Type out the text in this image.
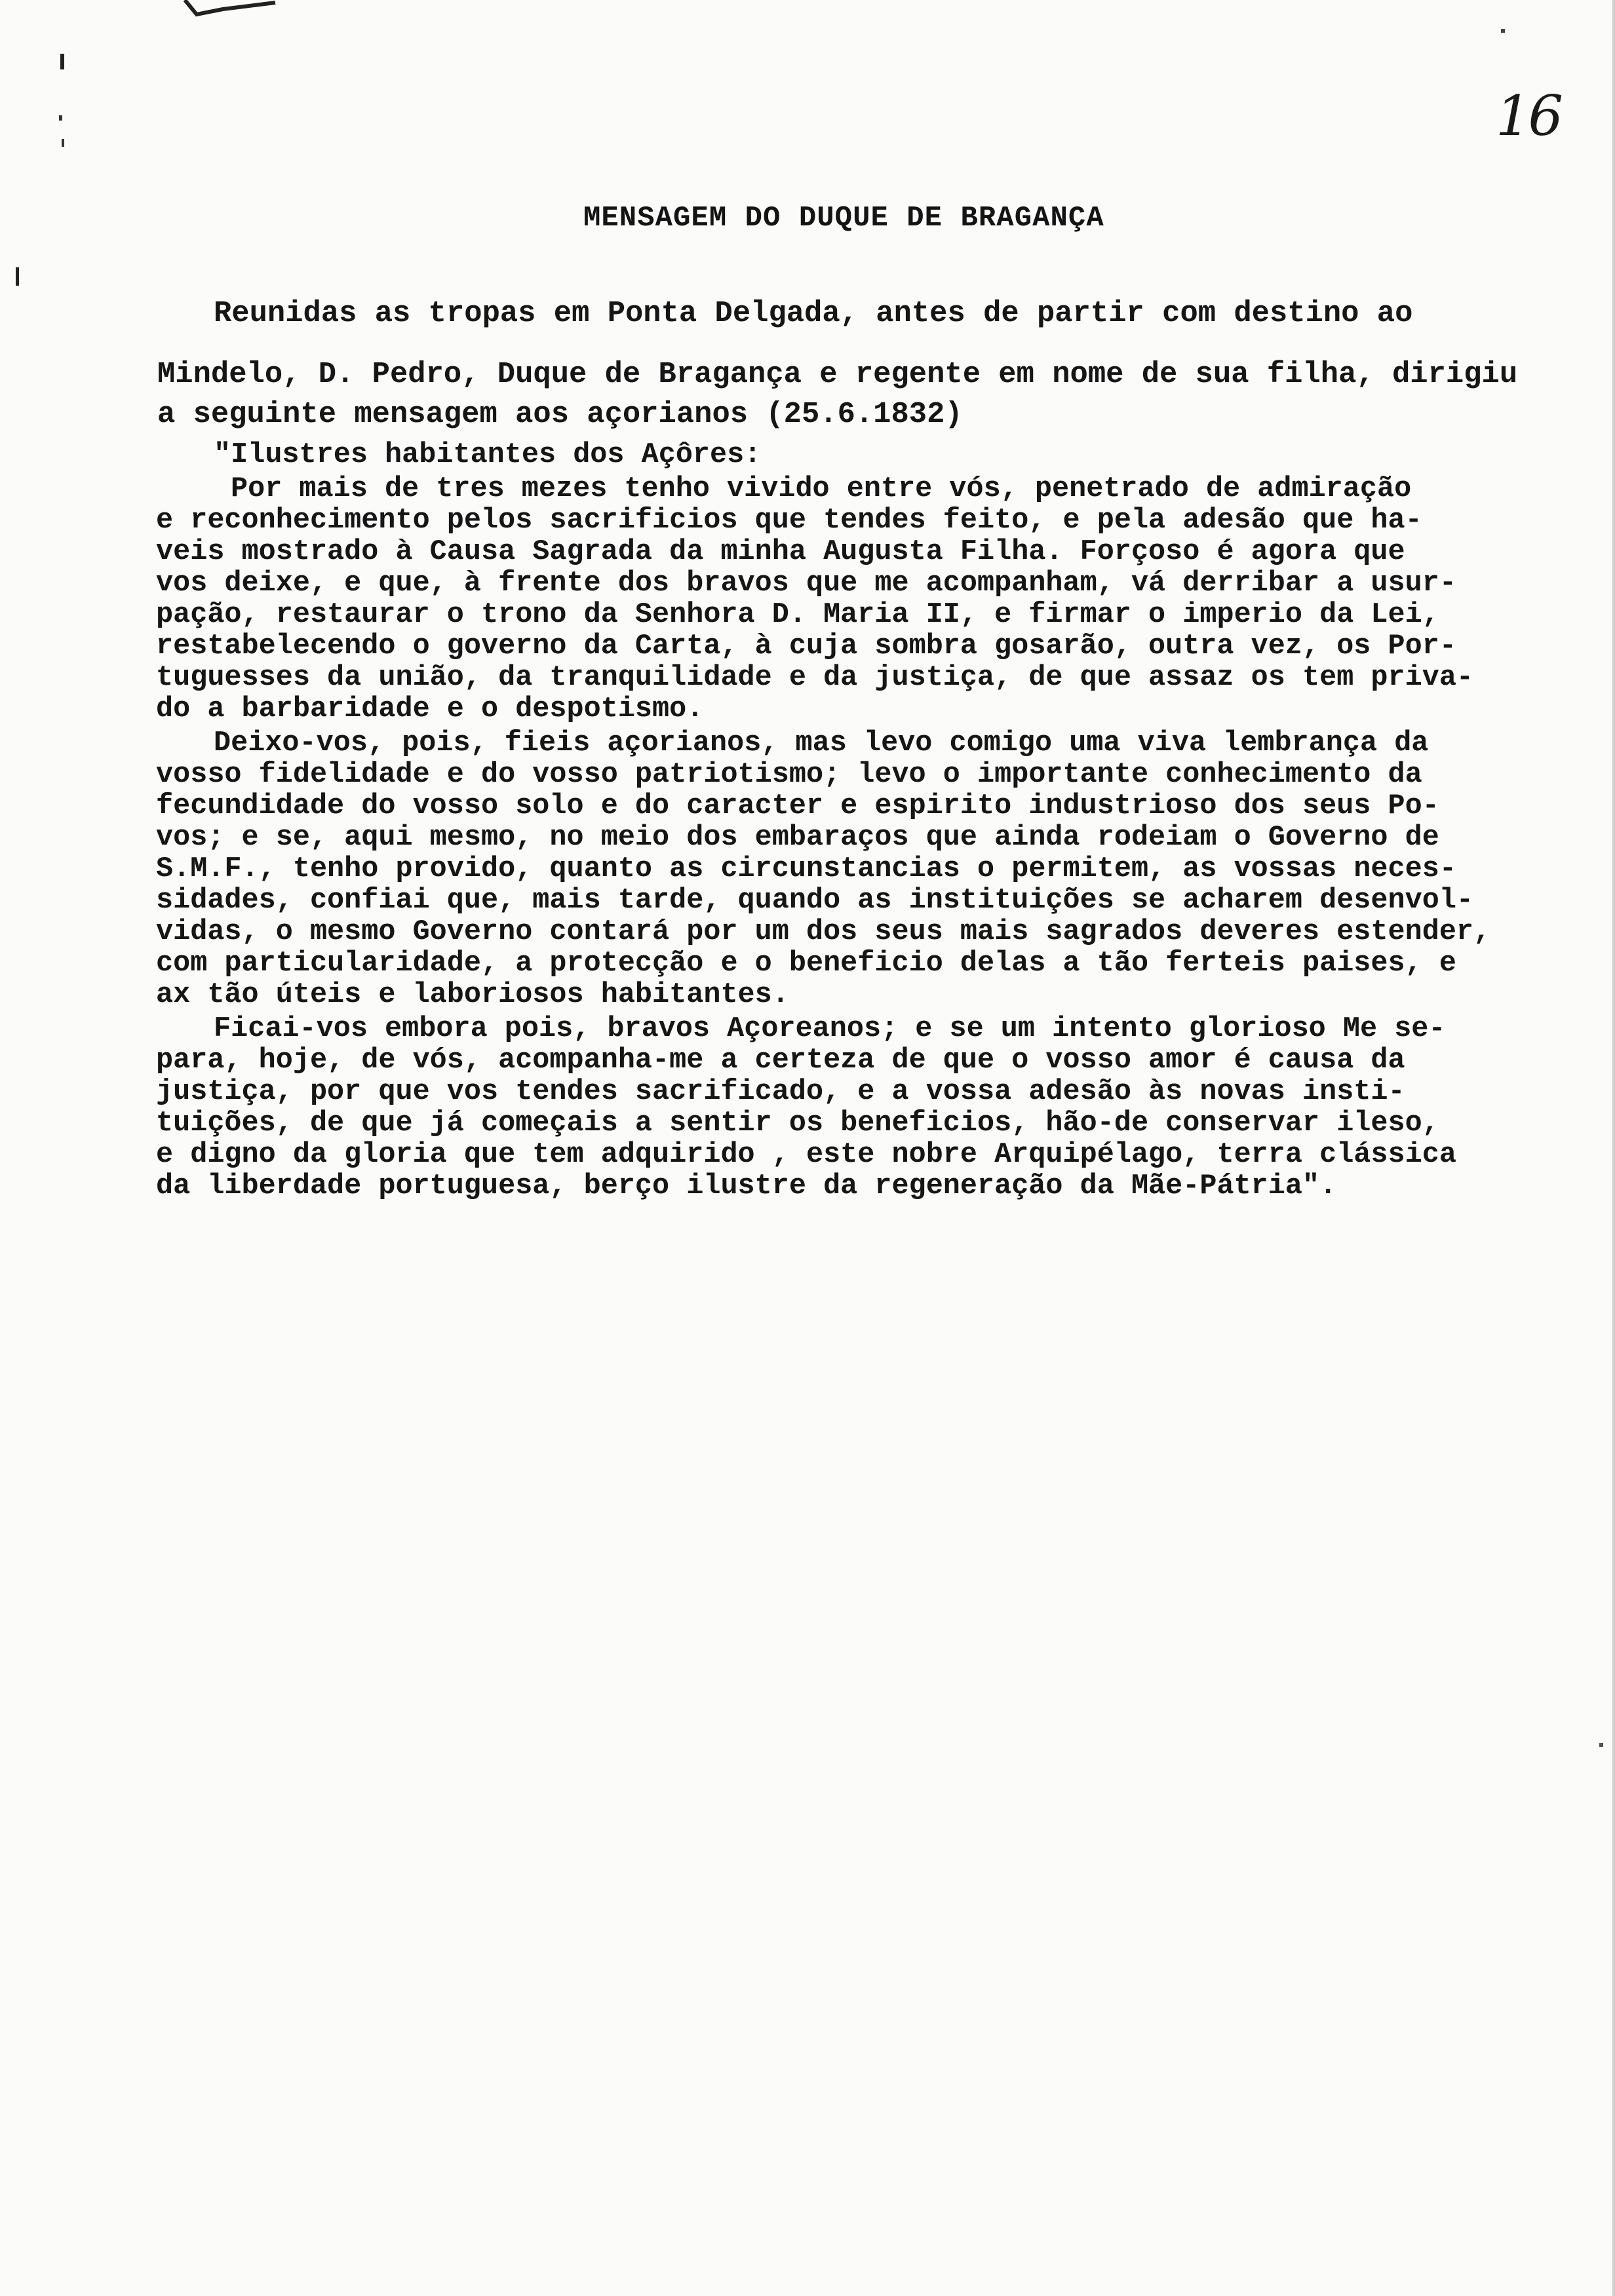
16
MENSAGEM DO DUQUE DE BRAGANÇA
Reunidas as tropas em Ponta Delgada, antes de partir com destino ao
Mindelo, D. Pedro, Duque de Bragança e regente em nome de sua filha, dirigiu
a seguinte mensagem aos açorianos (25.6.1832)
"Ilustres habitantes dos Açôres:
Por mais de tres mezes tenho vivido entre vós, penetrado de admiração
e reconhecimento pelos sacrificios que tendes feito, e pela adesão que ha-
veis mostrado à Causa Sagrada da minha Augusta Filha. Forçoso é agora que
vos deixe, e que, à frente dos bravos que me acompanham, vá derribar a usur-
pação, restaurar o trono da Senhora D. Maria II, e firmar o imperio da Lei,
restabelecendo o governo da Carta, à cuja sombra gosarão, outra vez, os Por-
tuguesses da união, da tranquilidade e da justiça, de que assaz os tem priva-
do a barbaridade e o despotismo.
Deixo-vos, pois, fieis açorianos, mas levo comigo uma viva lembrança da
vosso fidelidade e do vosso patriotismo; levo o importante conhecimento da
fecundidade do vosso solo e do caracter e espirito industrioso dos seus Po-
vos; e se, aqui mesmo, no meio dos embaraços que ainda rodeiam o Governo de
S.M.F., tenho provido, quanto as circunstancias o permitem, as vossas neces-
sidades, confiai que, mais tarde, quando as instituições se acharem desenvol-
vidas, o mesmo Governo contará por um dos seus mais sagrados deveres estender,
com particularidade, a protecção e o beneficio delas a tão ferteis paises, e
ax tão úteis e laboriosos habitantes.
Ficai-vos embora pois, bravos Açoreanos; e se um intento glorioso Me se-
para, hoje, de vós, acompanha-me a certeza de que o vosso amor é causa da
justiça, por que vos tendes sacrificado, e a vossa adesão às novas insti-
tuições, de que já começais a sentir os beneficios, hão-de conservar ileso,
e digno da gloria que tem adquirido , este nobre Arquipélago, terra clássica
da liberdade portuguesa, berço ilustre da regeneração da Mãe-Pátria".
